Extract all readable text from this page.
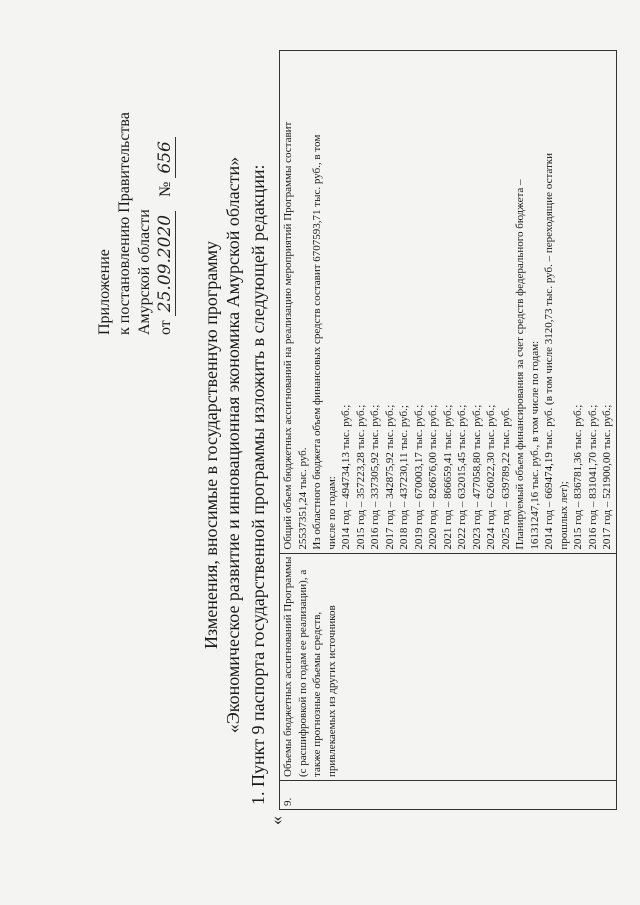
Приложение к постановлению Правительства Амурской области от 25.09.2020 № 656
Изменения, вносимые в государственную программу «Экономическое развитие и инновационная экономика Амурской области» 1. Пункт 9 паспорта государственной программы изложить в следующей редакции:
«
9.	
Объемы бюджетных ассигнований Программы (с расшифровкой по годам ее реализации), а также прогнозные объемы средств, привлекаемых из других источников

Общий объем бюджетных ассигнований на реализацию мероприятий Программы составит 25537351,24 тыс. руб. Из областного бюджета объем финансовых средств составит 6707593,71 тыс. руб., в том числе по годам: 2014 год – 494734,13 тыс. руб.; 2015 год – 357223,28 тыс. руб.; 2016 год – 337305,92 тыс. руб.; 2017 год – 342875,92 тыс. руб.; 2018 год – 437230,11 тыс. руб.; 2019 год – 670003,17 тыс. руб.; 2020 год – 826676,00 тыс. руб.; 2021 год – 866659,41 тыс. руб.; 2022 год – 632015,45 тыс. руб.; 2023 год – 477058,80 тыс. руб.; 2024 год – 626022,30 тыс. руб.; 2025 год – 639789,22 тыс. руб. Планируемый объем финансирования за счет средств федерального бюджета – 16131247,16 тыс. руб., в том числе по годам: 2014 год – 669474,19 тыс. руб. (в том числе 3120,73 тыс. руб. – переходящие остатки прошлых лет); 2015 год – 836781,36 тыс. руб.; 2016 год – 831041,70 тыс. руб.; 2017 год – 521900,00 тыс. руб.;
